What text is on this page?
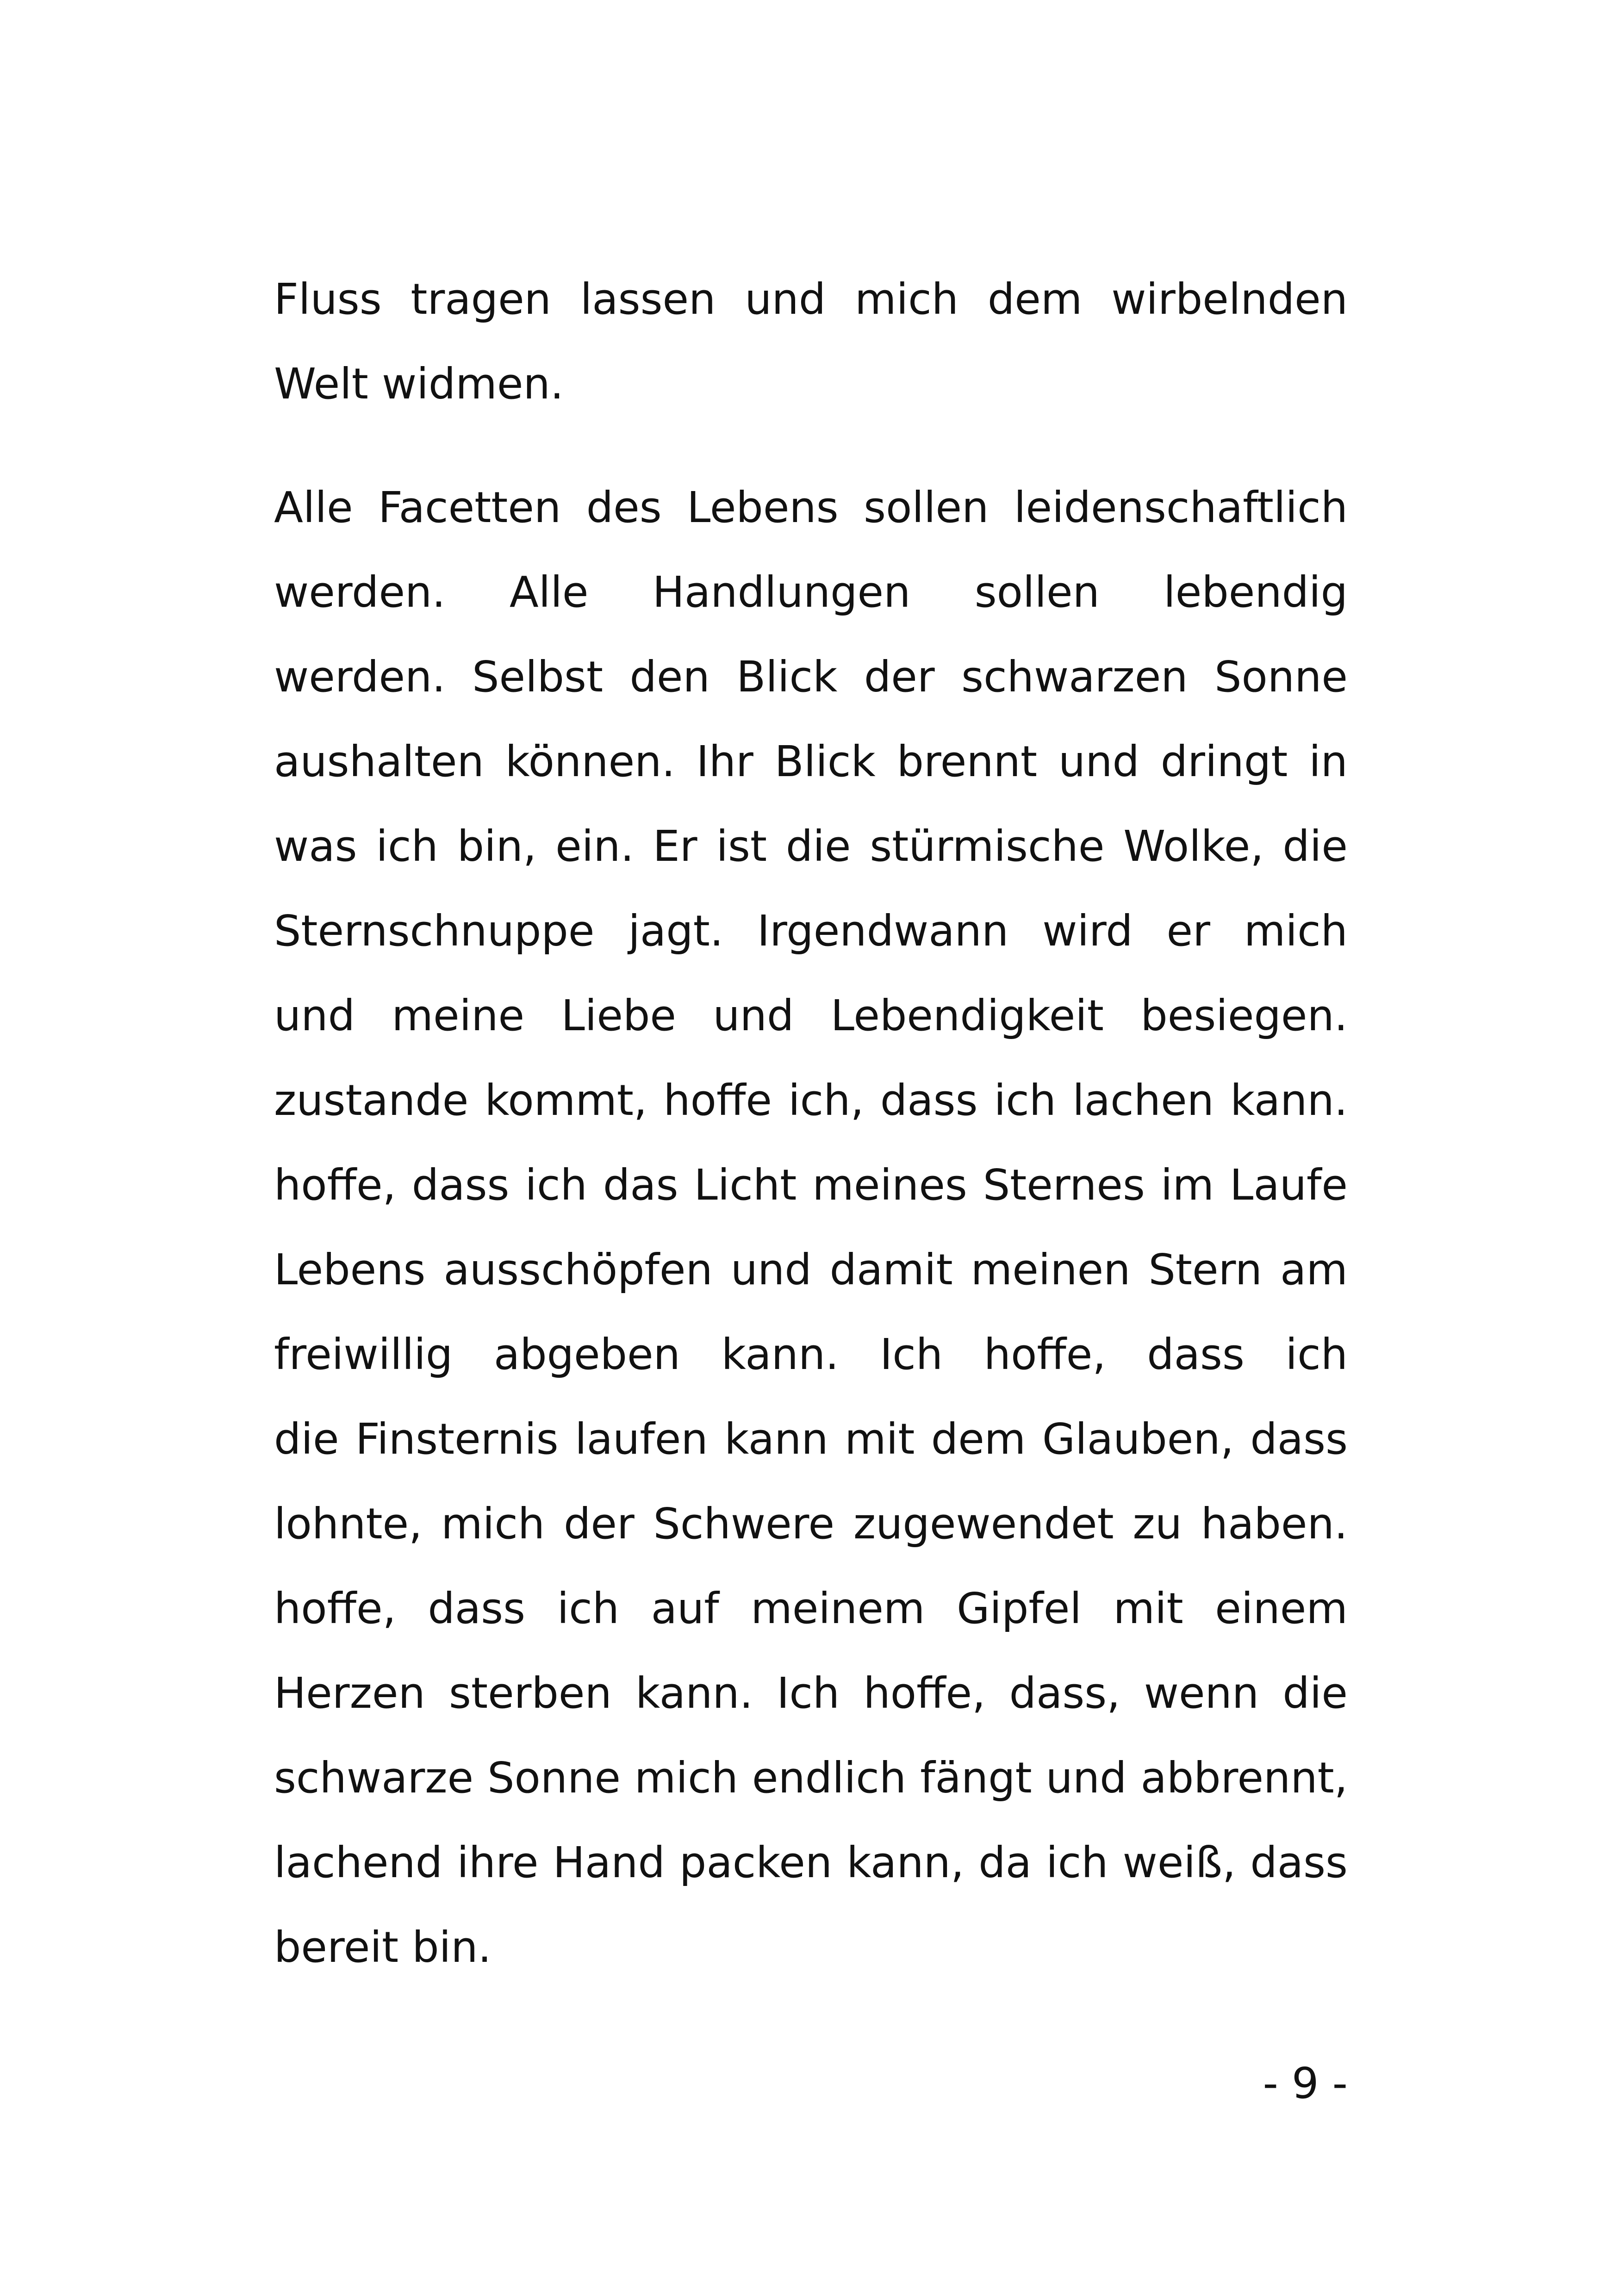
Fluss tragen lassen und mich dem wirbelnden
Welt widmen.
Alle Facetten des Lebens sollen leidenschaftlich
werden. Alle Handlungen sollen lebendig
werden. Selbst den Blick der schwarzen Sonne
aushalten können. Ihr Blick brennt und dringt in
was ich bin, ein. Er ist die stürmische Wolke, die
Sternschnuppe jagt. Irgendwann wird er mich
und meine Liebe und Lebendigkeit besiegen.
zustande kommt, hoffe ich, dass ich lachen kann.
hoffe, dass ich das Licht meines Sternes im Laufe
Lebens ausschöpfen und damit meinen Stern am
freiwillig abgeben kann. Ich hoffe, dass ich
die Finsternis laufen kann mit dem Glauben, dass
lohnte, mich der Schwere zugewendet zu haben.
hoffe, dass ich auf meinem Gipfel mit einem
Herzen sterben kann. Ich hoffe, dass, wenn die
schwarze Sonne mich endlich fängt und abbrennt,
lachend ihre Hand packen kann, da ich weiß, dass
bereit bin.
- 9 -
